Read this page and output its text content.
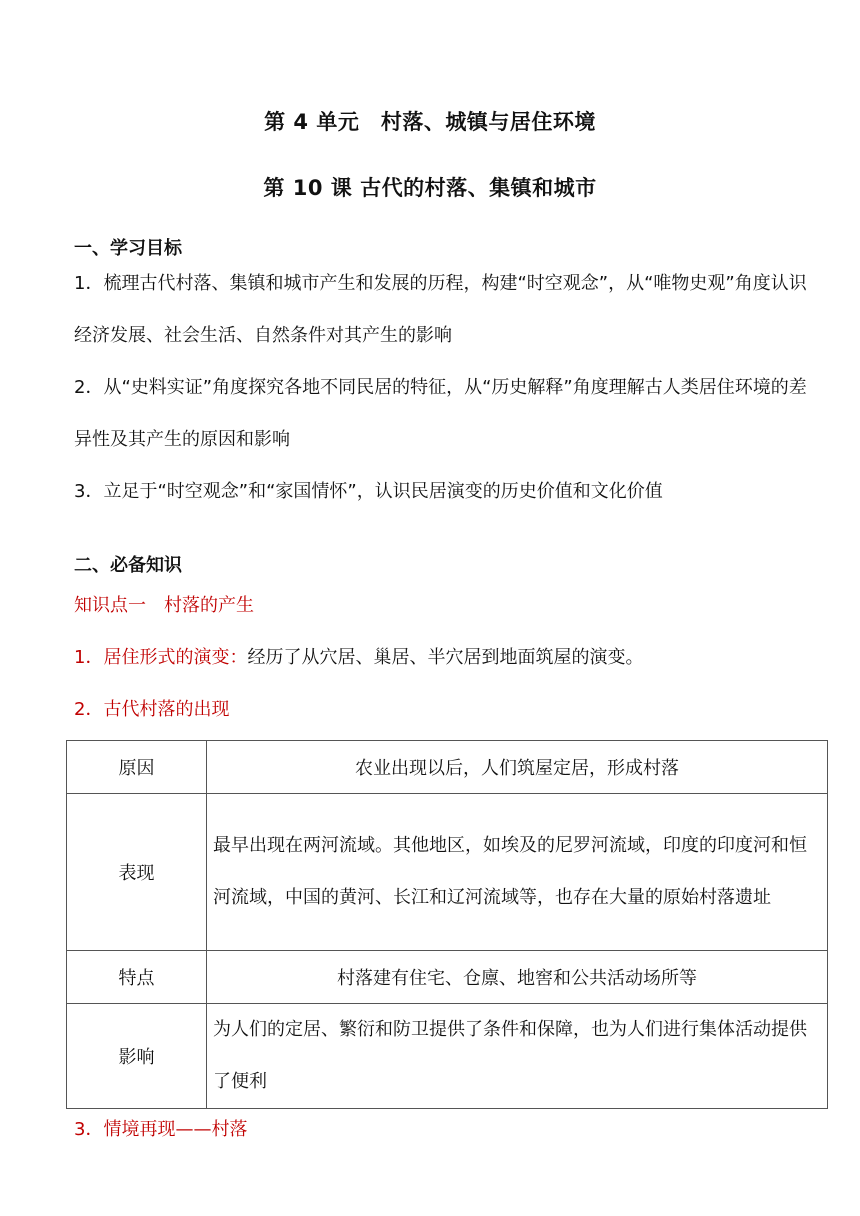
第 4 单元　村落、城镇与居住环境
第 10 课 古代的村落、集镇和城市
一、学习目标
1．梳理古代村落、集镇和城市产生和发展的历程，构建“时空观念”，从“唯物史观”角度认识经济发展、社会生活、自然条件对其产生的影响
2．从“史料实证”角度探究各地不同民居的特征，从“历史解释”角度理解古人类居住环境的差异性及其产生的原因和影响
3．立足于“时空观念”和“家国情怀”，认识民居演变的历史价值和文化价值
二、必备知识
知识点一　村落的产生
1．居住形式的演变：经历了从穴居、巢居、半穴居到地面筑屋的演变。
2．古代村落的出现
原因	农业出现以后，人们筑屋定居，形成村落
表现	最早出现在两河流域。其他地区，如埃及的尼罗河流域，印度的印度河和恒河流域，中国的黄河、长江和辽河流域等，也存在大量的原始村落遗址
特点	村落建有住宅、仓廪、地窖和公共活动场所等
影响	为人们的定居、繁衍和防卫提供了条件和保障，也为人们进行集体活动提供了便利
3．情境再现——村落
